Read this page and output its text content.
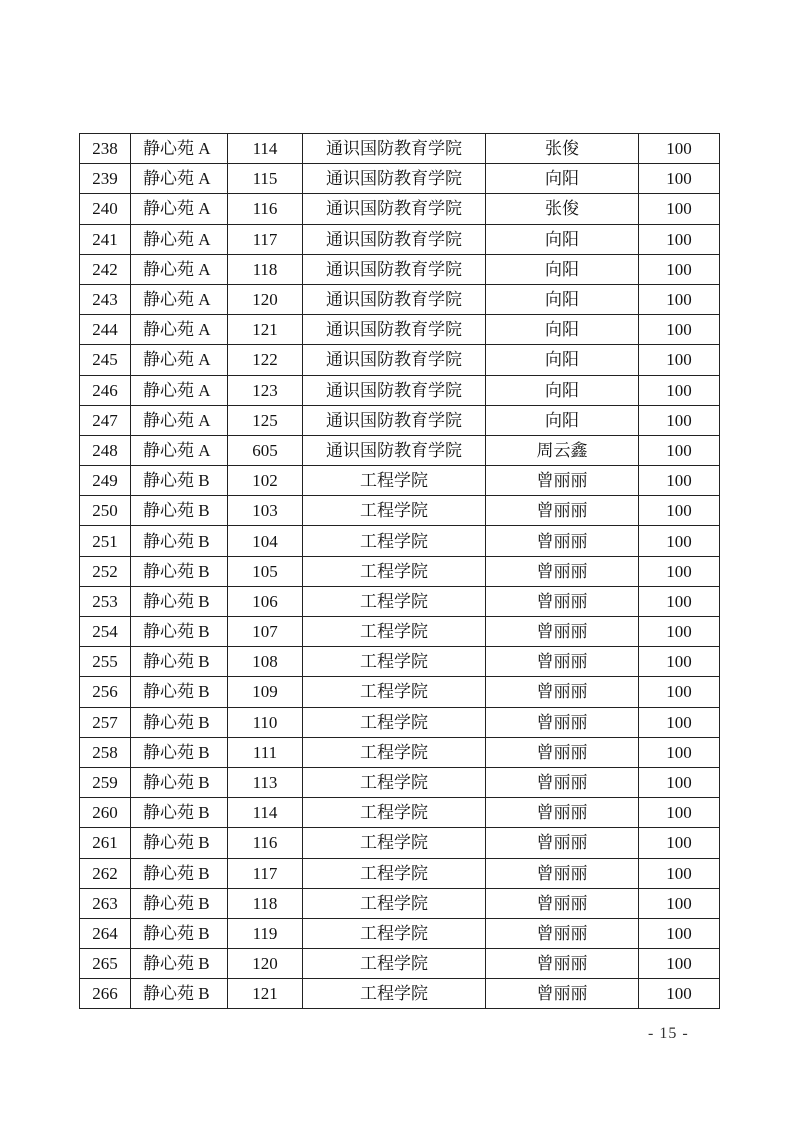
238	静心苑 A	114	通识国防教育学院	张俊	100
239	静心苑 A	115	通识国防教育学院	向阳	100
240	静心苑 A	116	通识国防教育学院	张俊	100
241	静心苑 A	117	通识国防教育学院	向阳	100
242	静心苑 A	118	通识国防教育学院	向阳	100
243	静心苑 A	120	通识国防教育学院	向阳	100
244	静心苑 A	121	通识国防教育学院	向阳	100
245	静心苑 A	122	通识国防教育学院	向阳	100
246	静心苑 A	123	通识国防教育学院	向阳	100
247	静心苑 A	125	通识国防教育学院	向阳	100
248	静心苑 A	605	通识国防教育学院	周云鑫	100
249	静心苑 B	102	工程学院	曾丽丽	100
250	静心苑 B	103	工程学院	曾丽丽	100
251	静心苑 B	104	工程学院	曾丽丽	100
252	静心苑 B	105	工程学院	曾丽丽	100
253	静心苑 B	106	工程学院	曾丽丽	100
254	静心苑 B	107	工程学院	曾丽丽	100
255	静心苑 B	108	工程学院	曾丽丽	100
256	静心苑 B	109	工程学院	曾丽丽	100
257	静心苑 B	110	工程学院	曾丽丽	100
258	静心苑 B	111	工程学院	曾丽丽	100
259	静心苑 B	113	工程学院	曾丽丽	100
260	静心苑 B	114	工程学院	曾丽丽	100
261	静心苑 B	116	工程学院	曾丽丽	100
262	静心苑 B	117	工程学院	曾丽丽	100
263	静心苑 B	118	工程学院	曾丽丽	100
264	静心苑 B	119	工程学院	曾丽丽	100
265	静心苑 B	120	工程学院	曾丽丽	100
266	静心苑 B	121	工程学院	曾丽丽	100
- 15 -
